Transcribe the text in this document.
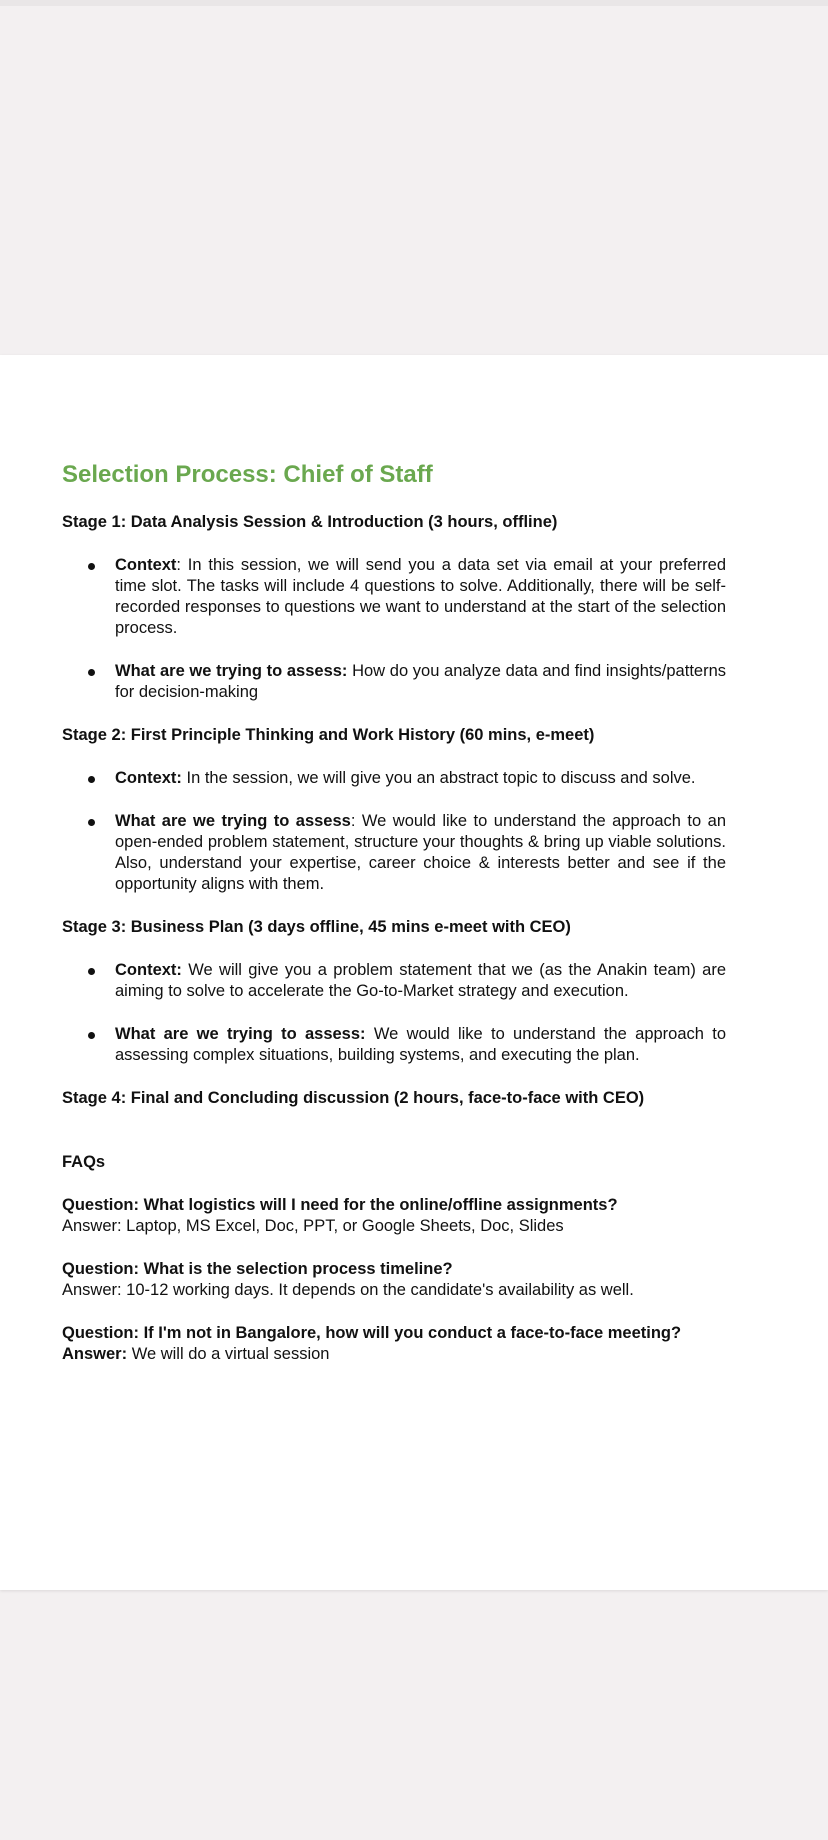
Selection Process: Chief of Staff
Stage 1: Data Analysis Session & Introduction (3 hours, offline)
Context: In this session, we will send you a data set via email at your preferred time slot. The tasks will include 4 questions to solve. Additionally, there will be self-recorded responses to questions we want to understand at the start of the selection process.
What are we trying to assess: How do you analyze data and find insights/patterns for decision-making
Stage 2: First Principle Thinking and Work History (60 mins, e-meet)
Context: In the session, we will give you an abstract topic to discuss and solve.
What are we trying to assess: We would like to understand the approach to an open-ended problem statement, structure your thoughts & bring up viable solutions. Also, understand your expertise, career choice & interests better and see if the opportunity aligns with them.
Stage 3: Business Plan (3 days offline, 45 mins e-meet with CEO)
Context: We will give you a problem statement that we (as the Anakin team) are aiming to solve to accelerate the Go-to-Market strategy and execution.
What are we trying to assess: We would like to understand the approach to assessing complex situations, building systems, and executing the plan.
Stage 4: Final and Concluding discussion (2 hours, face-to-face with CEO)
FAQs
Question: What logistics will I need for the online/offline assignments?
Answer: Laptop, MS Excel, Doc, PPT, or Google Sheets, Doc, Slides
Question: What is the selection process timeline?
Answer: 10-12 working days. It depends on the candidate's availability as well.
Question: If I'm not in Bangalore, how will you conduct a face-to-face meeting?
Answer: We will do a virtual session
